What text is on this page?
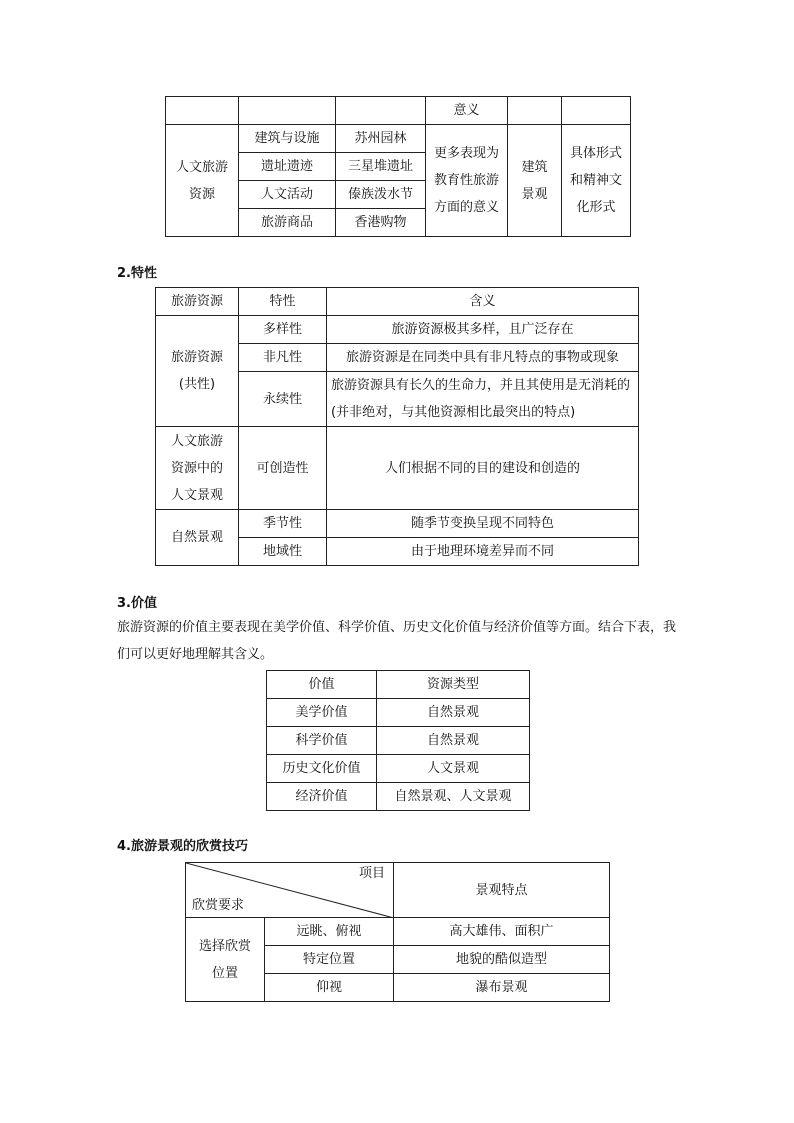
			意义		
人文旅游资源	建筑与设施	苏州园林	更多表现为教育性旅游方面的意义	建筑景观	具体形式和精神文化形式
	遗址遗迹	三星堆遗址			
	人文活动	傣族泼水节			
	旅游商品	香港购物			
2.特性
旅游资源	特性	含义
旅游资源(共性)	多样性	旅游资源极其多样，且广泛存在
	非凡性	旅游资源是在同类中具有非凡特点的事物或现象
	永续性	旅游资源具有长久的生命力，并且其使用是无消耗的(并非绝对，与其他资源相比最突出的特点)
人文旅游资源中的人文景观	可创造性	人们根据不同的目的建设和创造的
自然景观	季节性	随季节变换呈现不同特色
	地域性	由于地理环境差异而不同
3.价值
旅游资源的价值主要表现在美学价值、科学价值、历史文化价值与经济价值等方面。结合下表，我们可以更好地理解其含义。
价值	资源类型
美学价值	自然景观
科学价值	自然景观
历史文化价值	人文景观
经济价值	自然景观、人文景观
4.旅游景观的欣赏技巧
项目
欣赏要求		景观特点
选择欣赏位置	远眺、俯视	高大雄伟、面积广
	特定位置	地貌的酷似造型
	仰视	瀑布景观
